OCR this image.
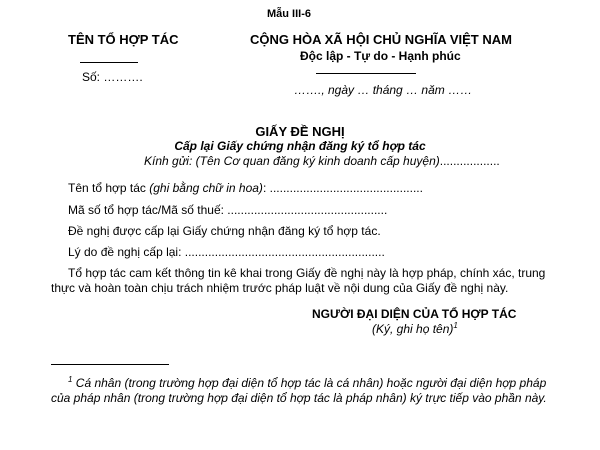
Mẫu III-6
TÊN TỔ HỢP TÁC
Số: ……….
CỘNG HÒA XÃ HỘI CHỦ NGHĨA VIỆT NAM
Độc lập - Tự do - Hạnh phúc
……., ngày … tháng … năm ……
GIẤY ĐỀ NGHỊ
Cấp lại Giấy chứng nhận đăng ký tổ hợp tác
Kính gửi: (Tên Cơ quan đăng ký kinh doanh cấp huyện)..................
Tên tổ hợp tác (ghi bằng chữ in hoa): ..............................................
Mã số tổ hợp tác/Mã số thuế: ................................................
Đề nghị được cấp lại Giấy chứng nhận đăng ký tổ hợp tác.
Lý do đề nghị cấp lại: ............................................................
Tổ hợp tác cam kết thông tin kê khai trong Giấy đề nghị này là hợp pháp, chính xác, trung
thực và hoàn toàn chịu trách nhiệm trước pháp luật về nội dung của Giấy đề nghị này.
NGƯỜI ĐẠI DIỆN CỦA TỔ HỢP TÁC
(Ký, ghi họ tên)$^1$
$^1$ Cá nhân (trong trường hợp đại diện tổ hợp tác là cá nhân) hoặc người đại diện hợp pháp
của pháp nhân (trong trường hợp đại diện tổ hợp tác là pháp nhân) ký trực tiếp vào phần này.
